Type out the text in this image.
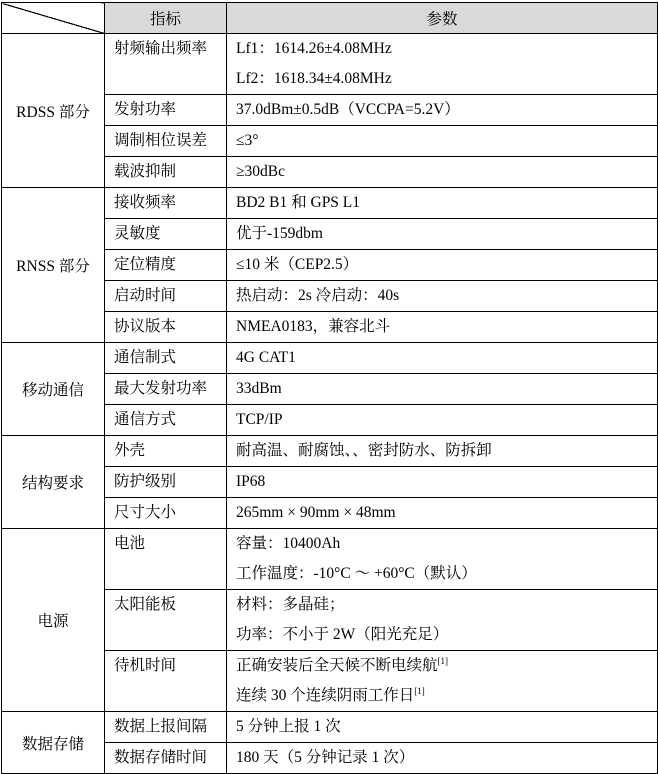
	指标	参数
RDSS 部分	射频输出频率	Lf1：1614.26±4.08MHz
Lf2：1618.34±4.08MHz

	发射功率	37.0dBm±0.5dB（VCCPA=5.2V）

	调制相位误差	≤3°

	载波抑制	≥30dBc

RNSS 部分	接收频率	BD2 B1 和 GPS L1

	灵敏度	优于-159dbm

	定位精度	≤10 米（CEP2.5）

	启动时间	热启动：2s 冷启动：40s

	协议版本	NMEA0183，兼容北斗

移动通信	通信制式	4G CAT1

	最大发射功率	33dBm

	通信方式	TCP/IP

结构要求	外壳	耐高温、耐腐蚀、、密封防水、防拆卸

	防护级别	IP68

	尺寸大小	265mm × 90mm × 48mm

电源	电池	容量：10400Ah
工作温度：-10°C ～ +60°C（默认）

	太阳能板	材料：多晶硅；
功率：不小于 2W（阳光充足）

	待机时间	正确安装后全天候不断电续航[1]
连续 30 个连续阴雨工作日[1]

数据存储	数据上报间隔	5 分钟上报 1 次

	数据存储时间	180 天（5 分钟记录 1 次）
